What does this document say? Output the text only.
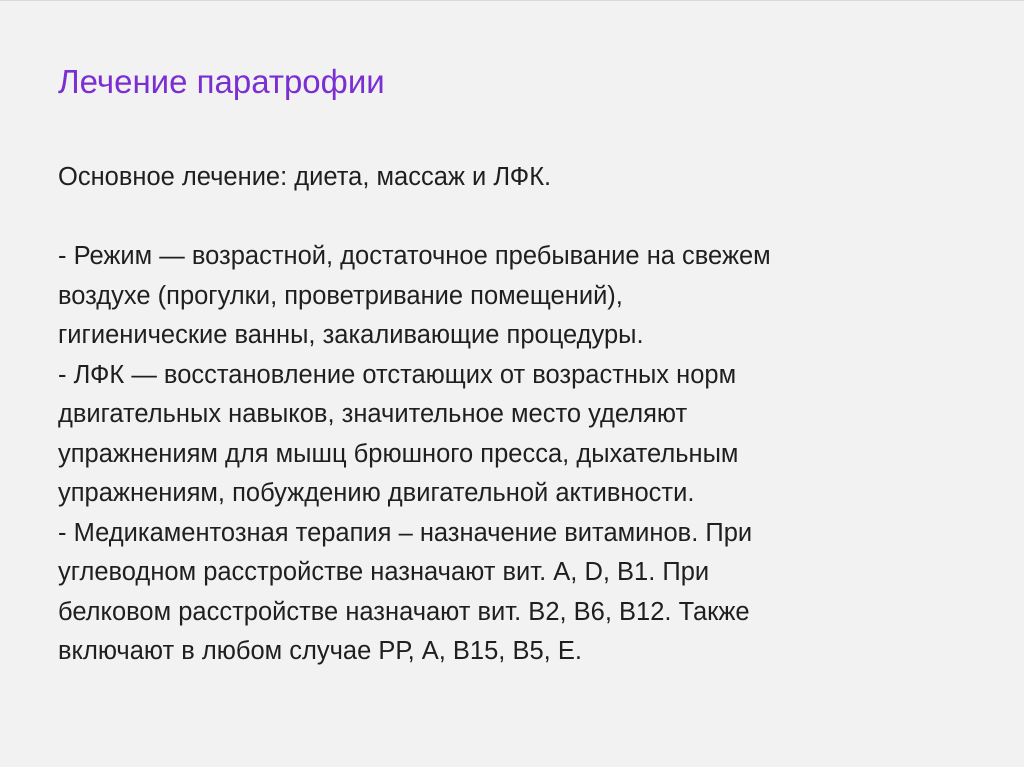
Лечение паратрофии
Основное лечение: диета, массаж и ЛФК.
- Режим — возрастной, достаточное пребывание на свежем
воздухе (прогулки, проветривание помещений),
гигиенические ванны, закаливающие процедуры.
- ЛФК — восстановление отстающих от возрастных норм
двигательных навыков, значительное место уделяют
упражнениям для мышц брюшного пресса, дыхательным
упражнениям, побуждению двигательной активности.
- Медикаментозная терапия – назначение витаминов. При
углеводном расстройстве назначают вит. А, D, В1. При
белковом расстройстве назначают вит. В2, В6, В12. Также
включают в любом случае РР, А, В15, В5, Е.
